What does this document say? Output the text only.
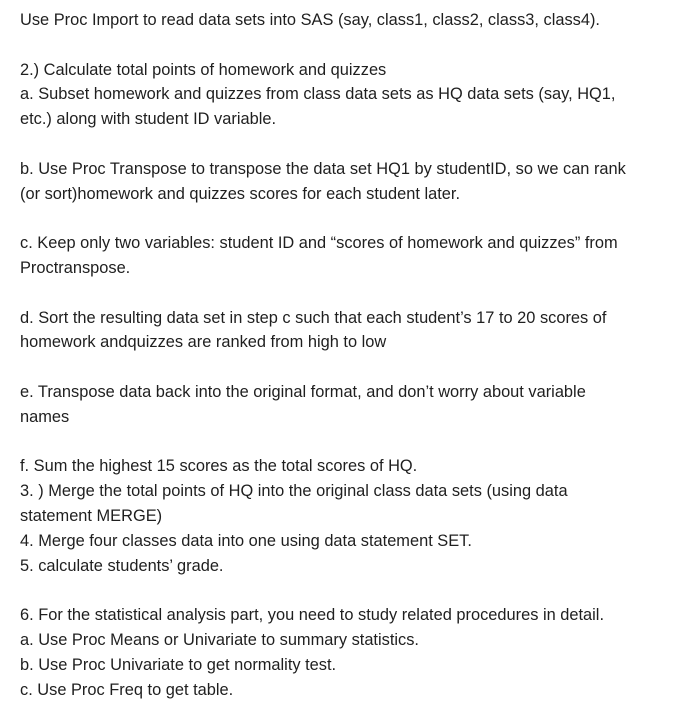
Use Proc Import to read data sets into SAS (say, class1, class2, class3, class4).
2.) Calculate total points of homework and quizzes
a. Subset homework and quizzes from class data sets as HQ data sets (say, HQ1,
etc.) along with student ID variable.
b. Use Proc Transpose to transpose the data set HQ1 by studentID, so we can rank
(or sort)homework and quizzes scores for each student later.
c. Keep only two variables: student ID and “scores of homework and quizzes” from
Proctranspose.
d. Sort the resulting data set in step c such that each student’s 17 to 20 scores of
homework andquizzes are ranked from high to low
e. Transpose data back into the original format, and don’t worry about variable
names
f. Sum the highest 15 scores as the total scores of HQ.
3. ) Merge the total points of HQ into the original class data sets (using data
statement MERGE)
4. Merge four classes data into one using data statement SET.
5. calculate students’ grade.
6. For the statistical analysis part, you need to study related procedures in detail.
a. Use Proc Means or Univariate to summary statistics.
b. Use Proc Univariate to get normality test.
c. Use Proc Freq to get table.
